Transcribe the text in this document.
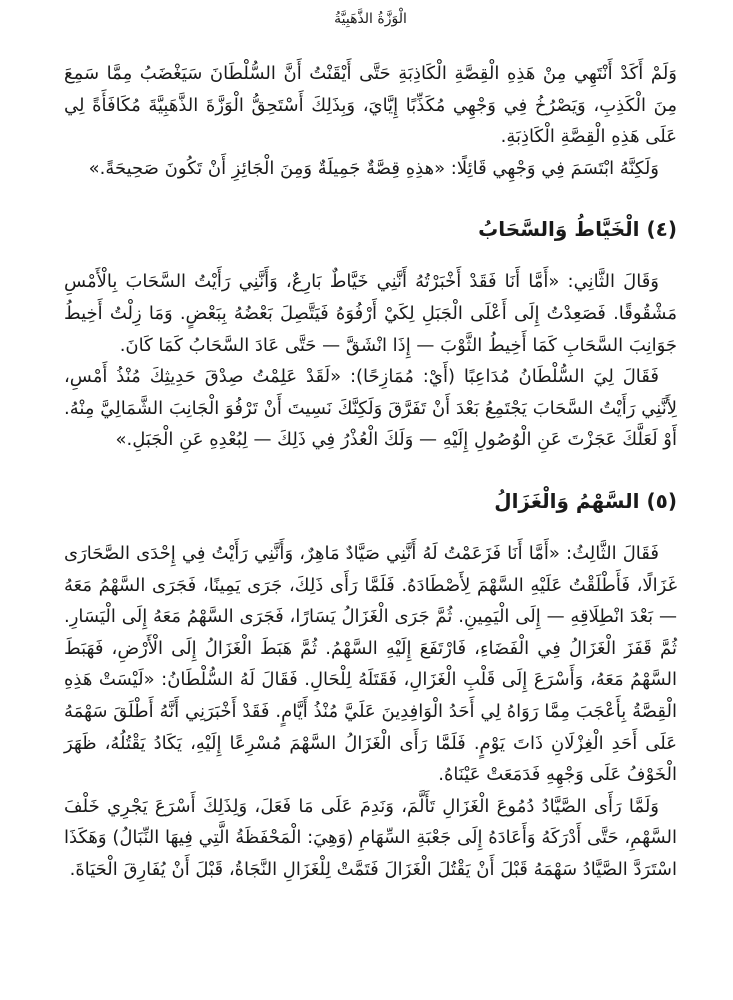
الْوَزَّةُ الذَّهَبِيَّةُ

وَلَمْ أَكَدْ أَنْتَهِي مِنْ هَذِهِ الْقِصَّةِ الْكَاذِبَةِ حَتَّى أَيْقَنْتُ أَنَّ السُّلْطَانَ سَيَغْضَبُ مِمَّا سَمِعَ مِنَ الْكَذِبِ، وَيَصْرُخُ فِي وَجْهِي مُكَذِّبًا إِيَّايَ، وَبِذَلِكَ أَسْتَحِقُّ الْوَزَّةَ الذَّهَبِيَّةَ مُكَافَأَةً لِي عَلَى هَذِهِ الْقِصَّةِ الْكَاذِبَةِ.

وَلَكِنَّهُ ابْتَسَمَ فِي وَجْهِي قَائِلًا: «هذِهِ قِصَّةٌ جَمِيلَةٌ وَمِنَ الْجَائِزِ أَنْ تَكُونَ صَحِيحَةً.»

(٤) الْخَيَّاطُ وَالسَّحَابُ

وَقَالَ الثَّانِي: «أَمَّا أَنَا فَقَدْ أَخْبَرْتُهُ أَنَّنِي خَيَّاطٌ بَارِعٌ، وَأَنَّنِي رَأَيْتُ السَّحَابَ بِالْأَمْسِ مَشْقُوقًا. فَصَعِدْتُ إِلَى أَعْلَى الْجَبَلِ لِكَيْ أَرْفُوَهُ فَيَتَّصِلَ بَعْضُهُ بِبَعْضٍ. وَمَا زِلْتُ أَخِيطُ جَوَانِبَ السَّحَابِ كَمَا أَخِيطُ الثَّوْبَ — إِذَا انْشَقَّ — حَتَّى عَادَ السَّحَابُ كَمَا كَانَ.

فَقَالَ لِيَ السُّلْطَانُ مُدَاعِبًا (أَيْ: مُمَازِحًا): «لَقَدْ عَلِمْتُ صِدْقَ حَدِيثِكَ مُنْذُ أَمْسِ، لِأَنَّنِي رَأَيْتُ السَّحَابَ يَجْتَمِعُ بَعْدَ أَنْ تَفَرَّقَ وَلَكِنَّكَ نَسِيتَ أَنْ تَرْفُوَ الْجَانِبَ الشَّمَالِيَّ مِنْهُ. أَوْ لَعَلَّكَ عَجَزْتَ عَنِ الْوُصُولِ إِلَيْهِ — وَلَكَ الْعُذْرُ فِي ذَلِكَ — لِبُعْدِهِ عَنِ الْجَبَلِ.»

(٥) السَّهْمُ وَالْغَزَالُ

فَقَالَ الثَّالِثُ: «أَمَّا أَنَا فَزَعَمْتُ لَهُ أَنَّنِي صَيَّادٌ مَاهِرٌ، وَأَنَّنِي رَأَيْتُ فِي إِحْدَى الصَّحَارَى غَزَالًا، فَأَطْلَقْتُ عَلَيْهِ السَّهْمَ لِأَصْطَادَهُ. فَلَمَّا رَأَى ذَلِكَ، جَرَى يَمِينًا، فَجَرَى السَّهْمُ مَعَهُ — بَعْدَ انْطِلَاقِهِ — إِلَى الْيَمِينِ. ثُمَّ جَرَى الْغَزَالُ يَسَارًا، فَجَرَى السَّهْمُ مَعَهُ إِلَى الْيَسَارِ. ثُمَّ قَفَزَ الْغَزَالُ فِي الْفَضَاءِ، فَارْتَفَعَ إِلَيْهِ السَّهْمُ. ثُمَّ هَبَطَ الْغَزَالُ إِلَى الْأَرْضِ، فَهَبَطَ السَّهْمُ مَعَهُ، وَأَسْرَعَ إِلَى قَلْبِ الْغَزَالِ، فَقَتَلَهُ لِلْحَالِ. فَقَالَ لَهُ السُّلْطَانُ: «لَيْسَتْ هَذِهِ الْقِصَّةُ بِأَعْجَبَ مِمَّا رَوَاهُ لِي أَحَدُ الْوَافِدِينَ عَلَيَّ مُنْذُ أَيَّامٍ. فَقَدْ أَخْبَرَنِي أَنَّهُ أَطْلَقَ سَهْمَهُ عَلَى أَحَدِ الْغِزْلَانِ ذَاتَ يَوْمٍ. فَلَمَّا رَأَى الْغَزَالُ السَّهْمَ مُسْرِعًا إِلَيْهِ، يَكَادُ يَقْتُلُهُ، ظَهَرَ الْخَوْفُ عَلَى وَجْهِهِ فَدَمَعَتْ عَيْنَاهُ.

وَلَمَّا رَأَى الصَّيَّادُ دُمُوعَ الْغَزَالِ تَأَلَّمَ، وَنَدِمَ عَلَى مَا فَعَلَ، وَلِذَلِكَ أَسْرَعَ يَجْرِي خَلْفَ السَّهْمِ، حَتَّى أَدْرَكَهُ وَأَعَادَهُ إِلَى جَعْبَةِ السِّهَامِ (وَهِيَ: الْمَحْفَظَةُ الَّتِي فِيهَا النِّبَالُ) وَهَكَذَا اسْتَرَدَّ الصَّيَّادُ سَهْمَهُ قَبْلَ أَنْ يَقْتُلَ الْغَزَالَ فَتَمَّتْ لِلْغَزَالِ النَّجَاةُ، قَبْلَ أَنْ يُفَارِقَ الْحَيَاةَ.
